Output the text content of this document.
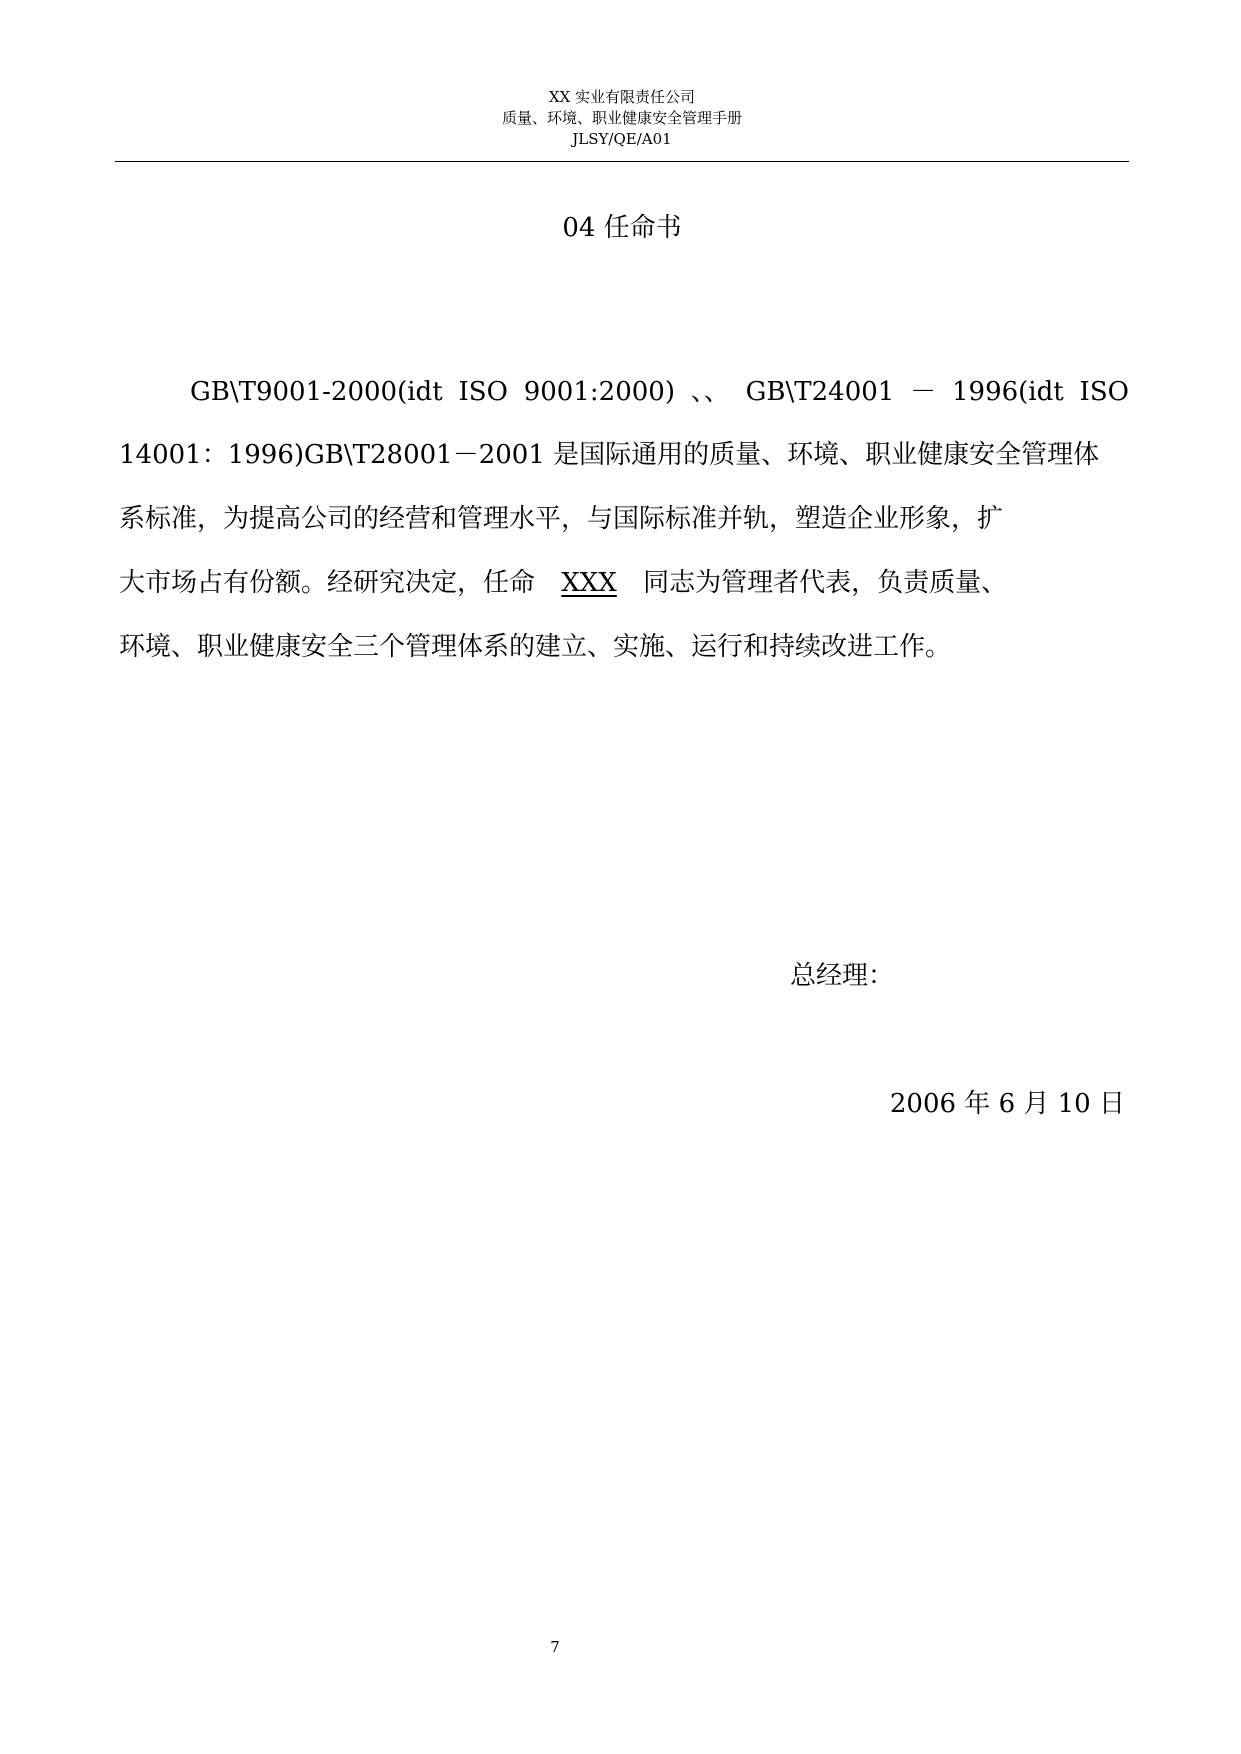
XX 实业有限责任公司
质量、环境、职业健康安全管理手册
JLSY/QE/A01
04 任命书
GB\T9001-2000(idt ISO 9001:2000) 、、 GB\T24001 － 1996(idt ISO
14001：1996)GB\T28001－2001 是国际通用的质量、环境、职业健康安全管理体
系标准，为提高公司的经营和管理水平，与国际标准并轨，塑造企业形象，扩
大市场占有份额。经研究决定，任命 XXX 同志为管理者代表，负责质量、
环境、职业健康安全三个管理体系的建立、实施、运行和持续改进工作。
总经理：
2006 年 6 月 10 日
7
